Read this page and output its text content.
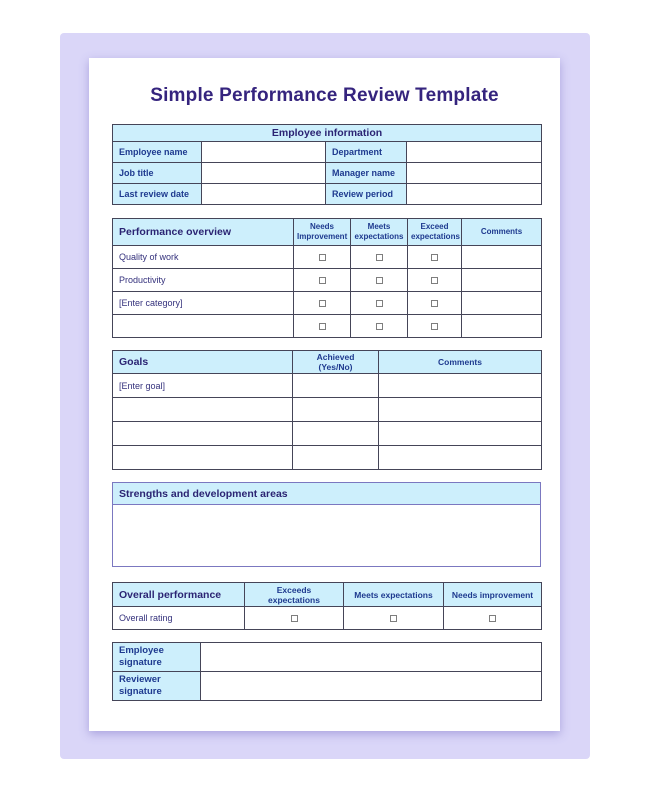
Simple Performance Review Template
Employee information			
Employee name		Department	
Job title		Manager name	
Last review date		Review period	
Performance overview	Needs Improvement	Meets expectations	Exceed expectations	Comments
Quality of work				
Productivity				
[Enter category]				

Goals	Achieved (Yes/No)	Comments
[Enter goal]		

Strengths and development areas
Overall performance	Exceeds expectations	Meets expectations	Needs improvement
Overall rating			
Employee signature	
Reviewer signature	
